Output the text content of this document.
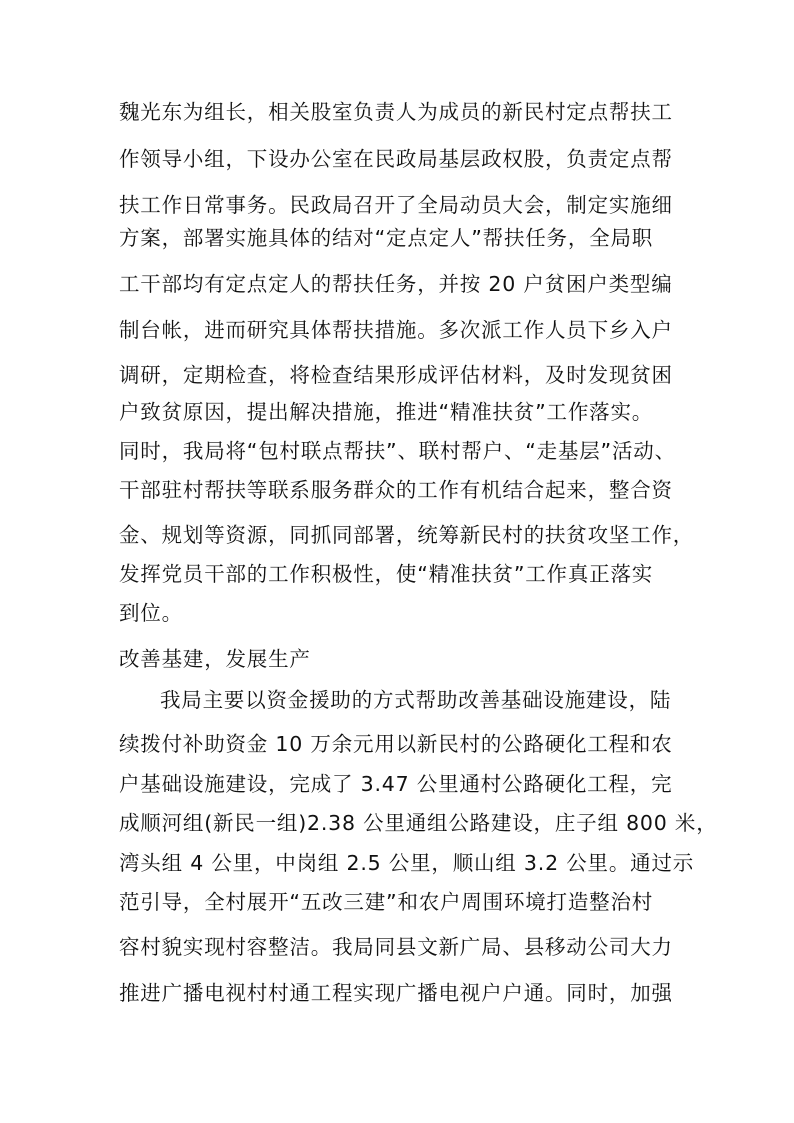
魏光东为组长，相关股室负责人为成员的新民村定点帮扶工
作领导小组，下设办公室在民政局基层政权股，负责定点帮
扶工作日常事务。民政局召开了全局动员大会，制定实施细
方案，部署实施具体的结对“定点定人”帮扶任务，全局职
工干部均有定点定人的帮扶任务，并按 20 户贫困户类型编
制台帐，进而研究具体帮扶措施。多次派工作人员下乡入户
调研，定期检查，将检查结果形成评估材料，及时发现贫困
户致贫原因，提出解决措施，推进“精准扶贫”工作落实。
同时，我局将“包村联点帮扶”、联村帮户、“走基层”活动、
干部驻村帮扶等联系服务群众的工作有机结合起来，整合资
金、规划等资源，同抓同部署，统筹新民村的扶贫攻坚工作，
发挥党员干部的工作积极性，使“精准扶贫”工作真正落实
到位。
改善基建，发展生产
我局主要以资金援助的方式帮助改善基础设施建设，陆
续拨付补助资金 10 万余元用以新民村的公路硬化工程和农
户基础设施建设，完成了 3.47 公里通村公路硬化工程，完
成顺河组(新民一组)2.38 公里通组公路建设，庄子组 800 米，
湾头组 4 公里，中岗组 2.5 公里，顺山组 3.2 公里。通过示
范引导，全村展开“五改三建”和农户周围环境打造整治村
容村貌实现村容整洁。我局同县文新广局、县移动公司大力
推进广播电视村村通工程实现广播电视户户通。同时，加强
